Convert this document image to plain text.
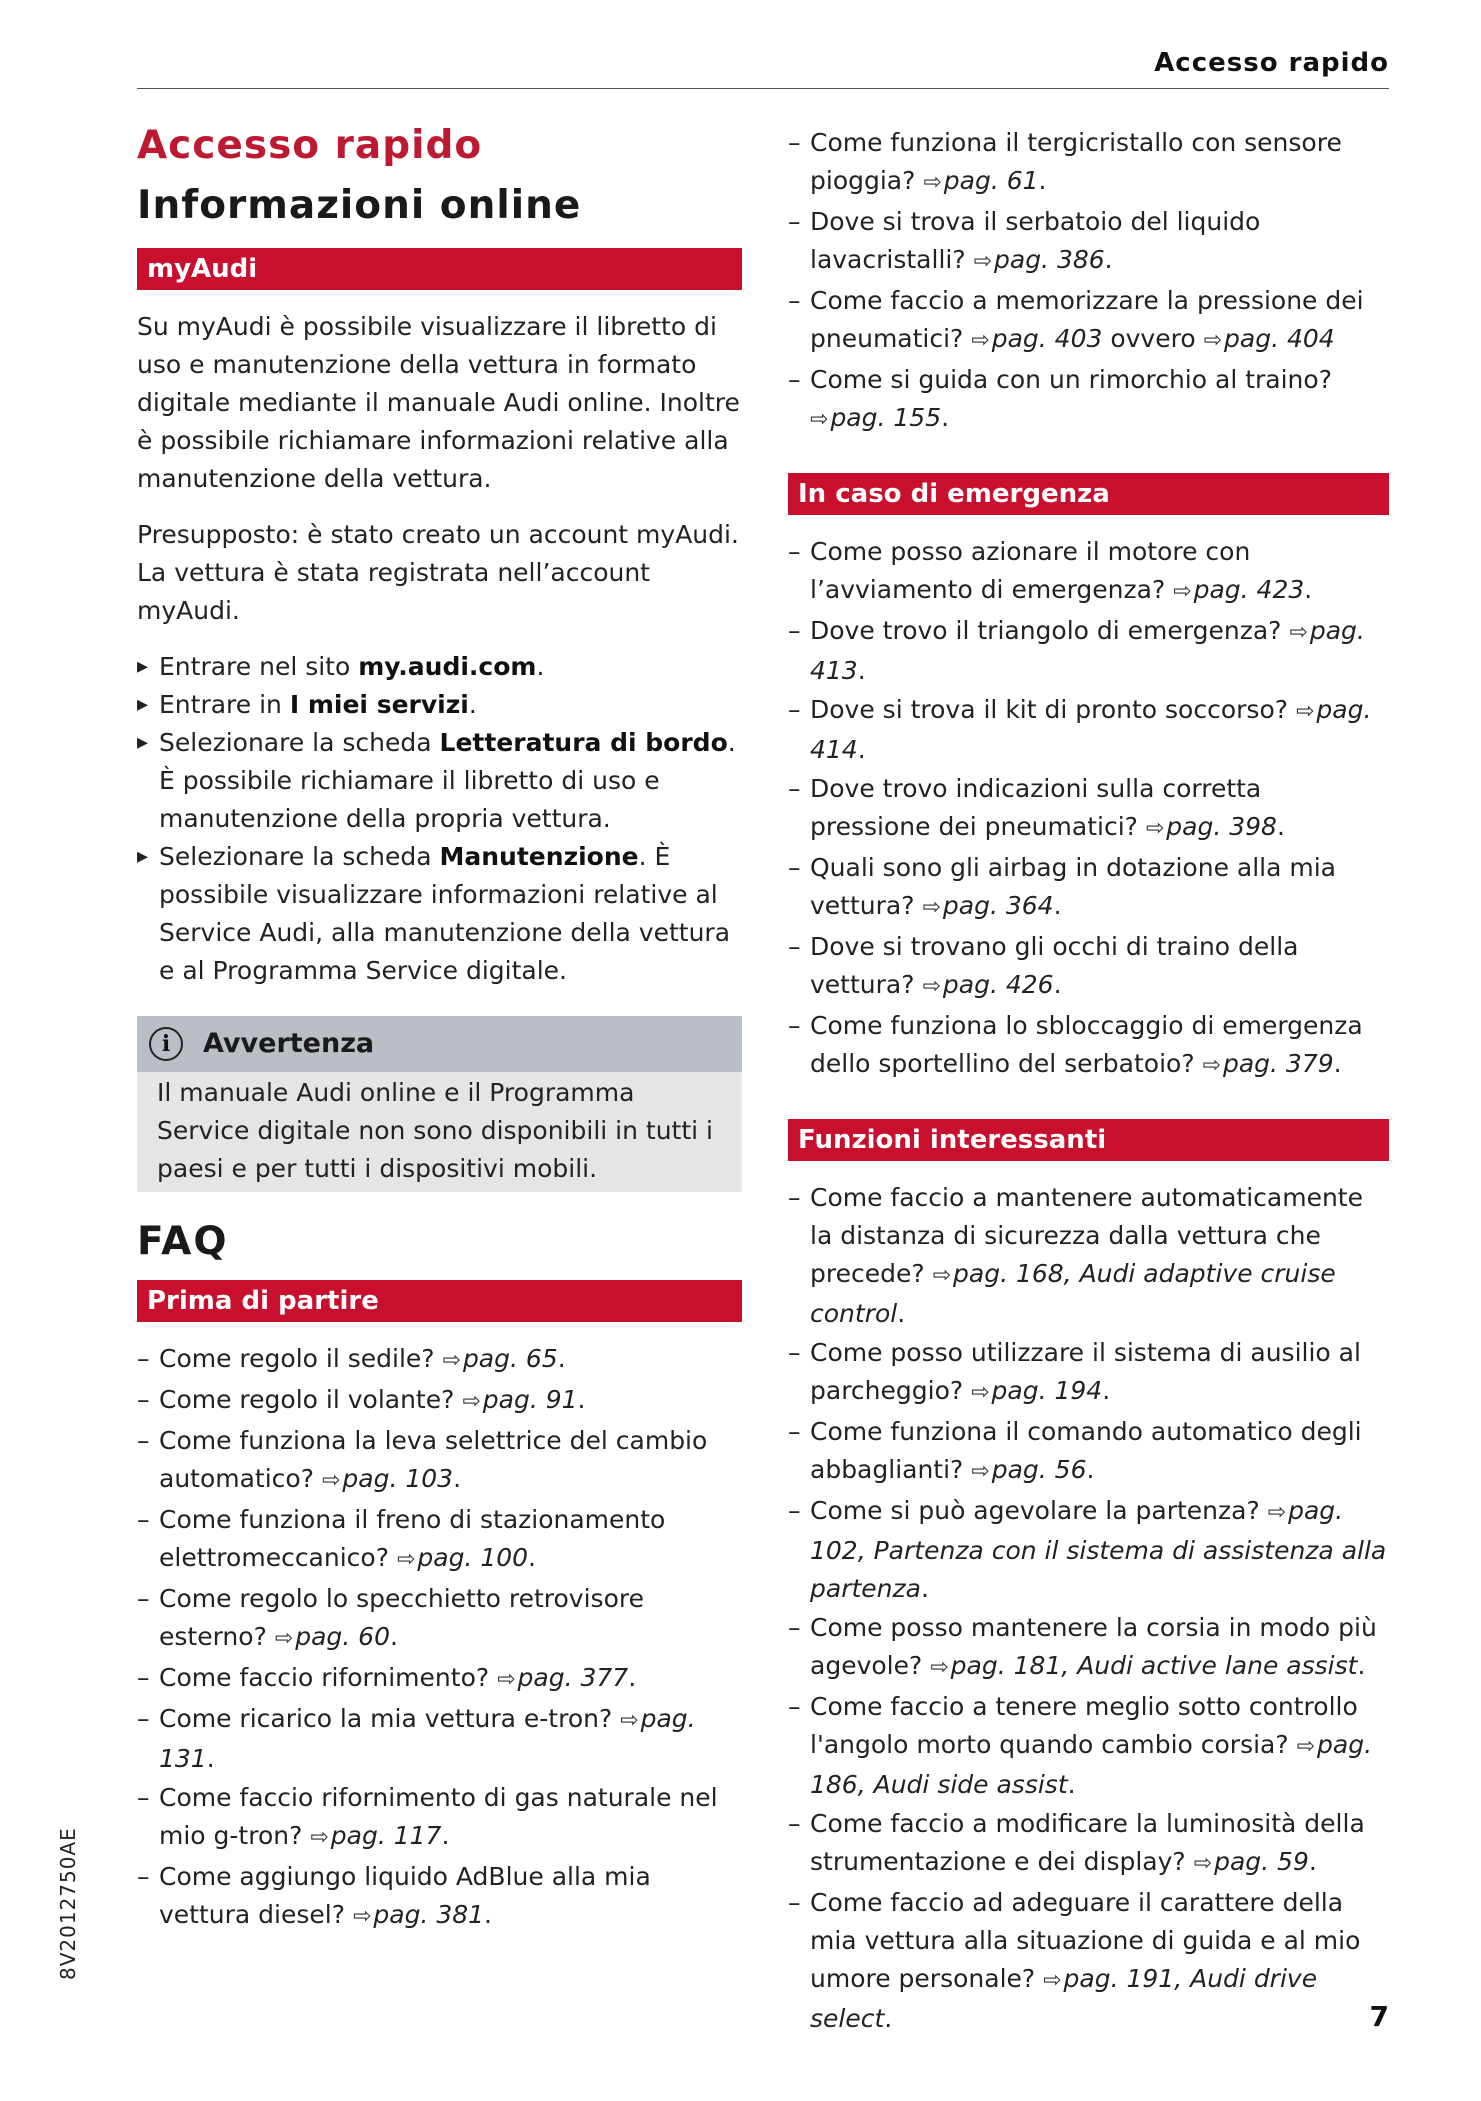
Accesso rapido
Accesso rapido
Informazioni online
myAudi

Su myAudi è possibile visualizzare il libretto di uso e manutenzione della vettura in formato digitale mediante il manuale Audi online. Inoltre è possibile richiamare informazioni relative alla manutenzione della vettura.

Presupposto: è stato creato un account myAudi. La vettura è stata registrata nell’account myAudi.

▸ Entrare nel sito my.audi.com.
▸ Entrare in I miei servizi.
▸ Selezionare la scheda Letteratura di bordo. È possibile richiamare il libretto di uso e manutenzione della propria vettura.
▸ Selezionare la scheda Manutenzione. È possibile visualizzare informazioni relative al Service Audi, alla manutenzione della vettura e al Programma Service digitale.
i	Avvertenza
Il manuale Audi online e il Programma Service digitale non sono disponibili in tutti i paesi e per tutti i dispositivi mobili.
FAQ
Prima di partire
– Come regolo il sedile? ⇨pag. 65.
– Come regolo il volante? ⇨pag. 91.
– Come funziona la leva selettrice del cambio automatico? ⇨pag. 103.
– Come funziona il freno di stazionamento elettromeccanico? ⇨pag. 100.
– Come regolo lo specchietto retrovisore esterno? ⇨pag. 60.
– Come faccio rifornimento? ⇨pag. 377.
– Come ricarico la mia vettura e-tron? ⇨pag. 131.
– Come faccio rifornimento di gas naturale nel mio g-tron? ⇨pag. 117.
– Come aggiungo liquido AdBlue alla mia vettura diesel? ⇨pag. 381.
– Come funziona il tergicristallo con sensore pioggia? ⇨pag. 61.
– Dove si trova il serbatoio del liquido lavacristalli? ⇨pag. 386.
– Come faccio a memorizzare la pressione dei pneumatici? ⇨pag. 403 ovvero ⇨pag. 404
– Come si guida con un rimorchio al traino? ⇨pag. 155.
In caso di emergenza
– Come posso azionare il motore con l’avviamento di emergenza? ⇨pag. 423.
– Dove trovo il triangolo di emergenza? ⇨pag. 413.
– Dove si trova il kit di pronto soccorso? ⇨pag. 414.
– Dove trovo indicazioni sulla corretta pressione dei pneumatici? ⇨pag. 398.
– Quali sono gli airbag in dotazione alla mia vettura? ⇨pag. 364.
– Dove si trovano gli occhi di traino della vettura? ⇨pag. 426.
– Come funziona lo sbloccaggio di emergenza dello sportellino del serbatoio? ⇨pag. 379.
Funzioni interessanti
– Come faccio a mantenere automaticamente la distanza di sicurezza dalla vettura che precede? ⇨pag. 168, Audi adaptive cruise control.
– Come posso utilizzare il sistema di ausilio al parcheggio? ⇨pag. 194.
– Come funziona il comando automatico degli abbaglianti? ⇨pag. 56.
– Come si può agevolare la partenza? ⇨pag. 102, Partenza con il sistema di assistenza alla partenza.
– Come posso mantenere la corsia in modo più agevole? ⇨pag. 181, Audi active lane assist.
– Come faccio a tenere meglio sotto controllo l'angolo morto quando cambio corsia? ⇨pag. 186, Audi side assist.
– Come faccio a modificare la luminosità della strumentazione e dei display? ⇨pag. 59.
– Come faccio ad adeguare il carattere della mia vettura alla situazione di guida e al mio umore personale? ⇨pag. 191, Audi drive select.
8V2012750AE
7
